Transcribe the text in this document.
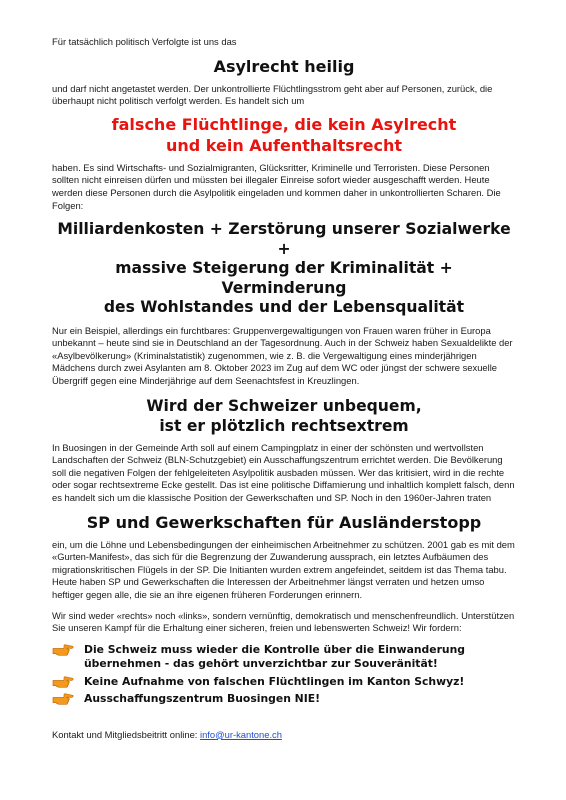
Für tatsächlich politisch Verfolgte ist uns das

Asylrecht heilig

und darf nicht angetastet werden. Der unkontrollierte Flüchtlingsstrom geht aber auf Personen, zurück, die überhaupt nicht politisch verfolgt werden. Es handelt sich um

falsche Flüchtlinge, die kein Asylrecht
und kein Aufenthaltsrecht

haben. Es sind Wirtschafts- und Sozialmigranten, Glücksritter, Kriminelle und Terroristen. Diese Personen sollten nicht einreisen dürfen und müssten bei illegaler Einreise sofort wieder ausgeschafft werden. Heute werden diese Personen durch die Asylpolitik eingeladen und kommen daher in unkontrollierten Scharen. Die Folgen:

Milliardenkosten + Zerstörung unserer Sozialwerke +
massive Steigerung der Kriminalität + Verminderung
des Wohlstandes und der Lebensqualität

Nur ein Beispiel, allerdings ein furchtbares: Gruppenvergewaltigungen von Frauen waren früher in Europa unbekannt – heute sind sie in Deutschland an der Tagesordnung. Auch in der Schweiz haben Sexualdelikte der «Asylbevölkerung» (Kriminalstatistik) zugenommen, wie z. B. die Vergewaltigung eines minderjährigen Mädchens durch zwei Asylanten am 8. Oktober 2023 im Zug auf dem WC oder jüngst der schwere sexuelle Übergriff gegen eine Minderjährige auf dem Seenachtsfest in Kreuzlingen.

Wird der Schweizer unbequem,
ist er plötzlich rechtsextrem

In Buosingen in der Gemeinde Arth soll auf einem Campingplatz in einer der schönsten und wertvollsten Landschaften der Schweiz (BLN-Schutzgebiet) ein Ausschaffungszentrum errichtet werden. Die Bevölkerung soll die negativen Folgen der fehlgeleiteten Asylpolitik ausbaden müssen. Wer das kritisiert, wird in die rechte oder sogar rechtsextreme Ecke gestellt. Das ist eine politische Diffamierung und inhaltlich komplett falsch, denn es handelt sich um die klassische Position der Gewerkschaften und SP. Noch in den 1960er-Jahren traten

SP und Gewerkschaften für Ausländerstopp

ein, um die Löhne und Lebensbedingungen der einheimischen Arbeitnehmer zu schützen. 2001 gab es mit dem «Gurten-Manifest», das sich für die Begrenzung der Zuwanderung aussprach, ein letztes Aufbäumen des migrationskritischen Flügels in der SP. Die Initianten wurden extrem angefeindet, seitdem ist das Thema tabu. Heute haben SP und Gewerkschaften die Interessen der Arbeitnehmer längst verraten und hetzen umso heftiger gegen alle, die sie an ihre eigenen früheren Forderungen erinnern.

Wir sind weder «rechts» noch «links», sondern vernünftig, demokratisch und menschenfreundlich. Unterstützen Sie unseren Kampf für die Erhaltung einer sicheren, freien und lebenswerten Schweiz! Wir fordern:

Die Schweiz muss wieder die Kontrolle über die Einwanderung übernehmen - das gehört unverzichtbar zur Souveränität!
Keine Aufnahme von falschen Flüchtlingen im Kanton Schwyz!
Ausschaffungszentrum Buosingen NIE!

Kontakt und Mitgliedsbeitritt online: info@ur-kantone.ch
